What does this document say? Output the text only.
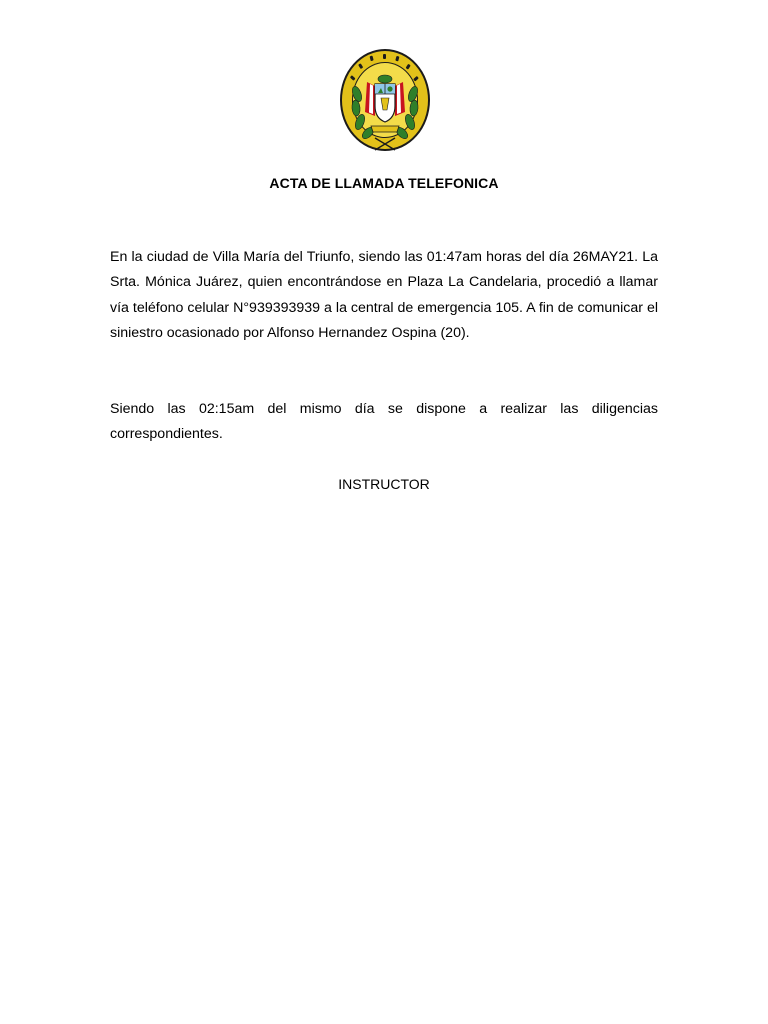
ACTA DE LLAMADA TELEFONICA

En la ciudad de Villa María del Triunfo, siendo las 01:47am horas del día 26MAY21. La Srta. Mónica Juárez, quien encontrándose en Plaza La Candelaria, procedió a llamar vía teléfono celular N°939393939 a la central de emergencia 105. A fin de comunicar el siniestro ocasionado por Alfonso Hernandez Ospina (20).

Siendo las 02:15am del mismo día se dispone a realizar las diligencias correspondientes.

INSTRUCTOR
